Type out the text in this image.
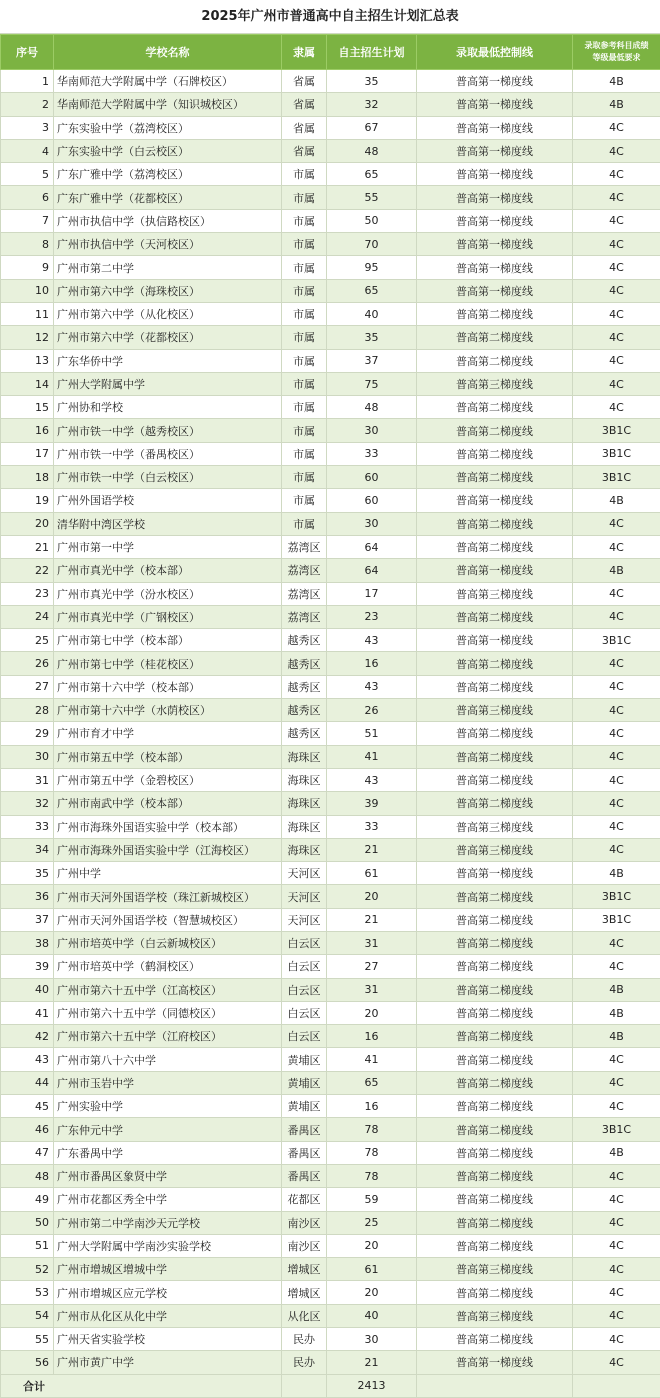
2025年广州市普通高中自主招生计划汇总表
序号	学校名称	隶属	自主招生计划	录取最低控制线	录取参考科目成绩
等级最低要求
1	华南师范大学附属中学（石牌校区）	省属	35	普高第一梯度线	4B
2	华南师范大学附属中学（知识城校区）	省属	32	普高第一梯度线	4B
3	广东实验中学（荔湾校区）	省属	67	普高第一梯度线	4C
4	广东实验中学（白云校区）	省属	48	普高第一梯度线	4C
5	广东广雅中学（荔湾校区）	市属	65	普高第一梯度线	4C
6	广东广雅中学（花都校区）	市属	55	普高第一梯度线	4C
7	广州市执信中学（执信路校区）	市属	50	普高第一梯度线	4C
8	广州市执信中学（天河校区）	市属	70	普高第一梯度线	4C
9	广州市第二中学	市属	95	普高第一梯度线	4C
10	广州市第六中学（海珠校区）	市属	65	普高第一梯度线	4C
11	广州市第六中学（从化校区）	市属	40	普高第二梯度线	4C
12	广州市第六中学（花都校区）	市属	35	普高第二梯度线	4C
13	广东华侨中学	市属	37	普高第二梯度线	4C
14	广州大学附属中学	市属	75	普高第三梯度线	4C
15	广州协和学校	市属	48	普高第二梯度线	4C
16	广州市铁一中学（越秀校区）	市属	30	普高第二梯度线	3B1C
17	广州市铁一中学（番禺校区）	市属	33	普高第二梯度线	3B1C
18	广州市铁一中学（白云校区）	市属	60	普高第二梯度线	3B1C
19	广州外国语学校	市属	60	普高第一梯度线	4B
20	清华附中湾区学校	市属	30	普高第二梯度线	4C
21	广州市第一中学	荔湾区	64	普高第二梯度线	4C
22	广州市真光中学（校本部）	荔湾区	64	普高第一梯度线	4B
23	广州市真光中学（汾水校区）	荔湾区	17	普高第三梯度线	4C
24	广州市真光中学（广钢校区）	荔湾区	23	普高第二梯度线	4C
25	广州市第七中学（校本部）	越秀区	43	普高第一梯度线	3B1C
26	广州市第七中学（桂花校区）	越秀区	16	普高第二梯度线	4C
27	广州市第十六中学（校本部）	越秀区	43	普高第二梯度线	4C
28	广州市第十六中学（水荫校区）	越秀区	26	普高第三梯度线	4C
29	广州市育才中学	越秀区	51	普高第二梯度线	4C
30	广州市第五中学（校本部）	海珠区	41	普高第二梯度线	4C
31	广州市第五中学（金碧校区）	海珠区	43	普高第二梯度线	4C
32	广州市南武中学（校本部）	海珠区	39	普高第二梯度线	4C
33	广州市海珠外国语实验中学（校本部）	海珠区	33	普高第三梯度线	4C
34	广州市海珠外国语实验中学（江海校区）	海珠区	21	普高第三梯度线	4C
35	广州中学	天河区	61	普高第一梯度线	4B
36	广州市天河外国语学校（珠江新城校区）	天河区	20	普高第二梯度线	3B1C
37	广州市天河外国语学校（智慧城校区）	天河区	21	普高第二梯度线	3B1C
38	广州市培英中学（白云新城校区）	白云区	31	普高第二梯度线	4C
39	广州市培英中学（鹤洞校区）	白云区	27	普高第二梯度线	4C
40	广州市第六十五中学（江高校区）	白云区	31	普高第二梯度线	4B
41	广州市第六十五中学（同德校区）	白云区	20	普高第二梯度线	4B
42	广州市第六十五中学（江府校区）	白云区	16	普高第二梯度线	4B
43	广州市第八十六中学	黄埔区	41	普高第二梯度线	4C
44	广州市玉岩中学	黄埔区	65	普高第二梯度线	4C
45	广州实验中学	黄埔区	16	普高第二梯度线	4C
46	广东仲元中学	番禺区	78	普高第二梯度线	3B1C
47	广东番禺中学	番禺区	78	普高第二梯度线	4B
48	广州市番禺区象贤中学	番禺区	78	普高第二梯度线	4C
49	广州市花都区秀全中学	花都区	59	普高第二梯度线	4C
50	广州市第二中学南沙天元学校	南沙区	25	普高第二梯度线	4C
51	广州大学附属中学南沙实验学校	南沙区	20	普高第二梯度线	4C
52	广州市增城区增城中学	增城区	61	普高第三梯度线	4C
53	广州市增城区应元学校	增城区	20	普高第二梯度线	4C
54	广州市从化区从化中学	从化区	40	普高第三梯度线	4C
55	广州天省实验学校	民办	30	普高第二梯度线	4C
56	广州市黄广中学	民办	21	普高第一梯度线	4C
合计			2413		
